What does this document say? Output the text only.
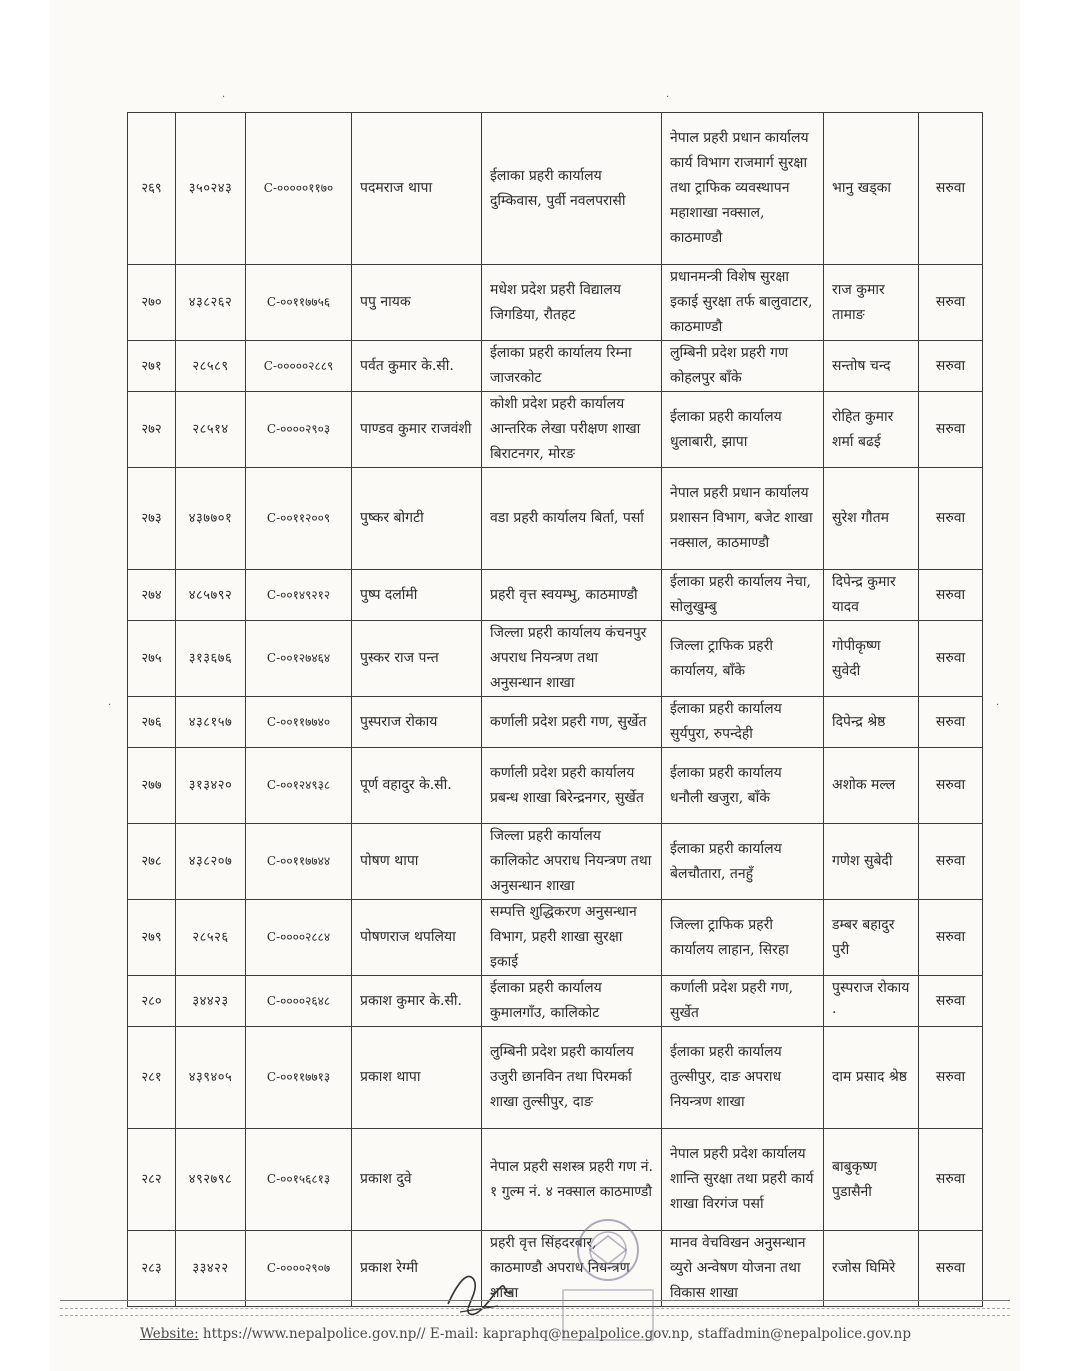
·	·
·	·
२६९	३५०२४३	C-०००००११७०	पदमराज थापा	ईलाका प्रहरी कार्यालय दुम्किवास, पुर्वी नवलपरासी	नेपाल प्रहरी प्रधान कार्यालय कार्य विभाग राजमार्ग सुरक्षा तथा ट्राफिक व्यवस्थापन महाशाखा नक्साल, काठमाण्डौ	भानु खड्का	सरुवा
२७०	४३८२६२	C-००११७७५६	पपु नायक	मधेश प्रदेश प्रहरी विद्यालय जिगडिया, रौतहट	प्रधानमन्त्री विशेष सुरक्षा इकाई सुरक्षा तर्फ बालुवाटार, काठमाण्डौ	राज कुमार तामाङ	सरुवा
२७१	२८५८९	C-०००००२८८९	पर्वत कुमार के.सी.	ईलाका प्रहरी कार्यालय रिम्ना जाजरकोट	लुम्बिनी प्रदेश प्रहरी गण कोहलपुर बाँके	सन्तोष चन्द	सरुवा
२७२	२८५१४	C-००००२९०३	पाण्डव कुमार राजवंशी	कोशी प्रदेश प्रहरी कार्यालय आन्तरिक लेखा परीक्षण शाखा बिराटनगर, मोरङ	ईलाका प्रहरी कार्यालय धुलाबारी, झापा	रोहित कुमार शर्मा बढई	सरुवा
२७३	४३७७०१	C-००११२००९	पुष्कर बोगटी	वडा प्रहरी कार्यालय बिर्ता, पर्सा	नेपाल प्रहरी प्रधान कार्यालय प्रशासन विभाग, बजेट शाखा नक्साल, काठमाण्डौ	सुरेश गौतम	सरुवा
२७४	४८५७९२	C-००१४९२१२	पुष्प दर्लामी	प्रहरी वृत्त स्वयम्भु, काठमाण्डौ	ईलाका प्रहरी कार्यालय नेचा, सोलुखुम्बु	दिपेन्द्र कुमार यादव	सरुवा
२७५	३१३६७६	C-००१२७४६४	पुस्कर राज पन्त	जिल्ला प्रहरी कार्यालय कंचनपुर अपराध नियन्त्रण तथा अनुसन्धान शाखा	जिल्ला ट्राफिक प्रहरी कार्यालय, बाँके	गोपीकृष्ण सुवेदी	सरुवा
२७६	४३८१५७	C-००११७७४०	पुस्पराज रोकाय	कर्णाली प्रदेश प्रहरी गण, सुर्खेत	ईलाका प्रहरी कार्यालय सुर्यपुरा, रुपन्देही	दिपेन्द्र श्रेष्ठ	सरुवा
२७७	३१३४२०	C-००१२४९३८	पूर्ण वहादुर के.सी.	कर्णाली प्रदेश प्रहरी कार्यालय प्रबन्ध शाखा बिरेन्द्रनगर, सुर्खेत	ईलाका प्रहरी कार्यालय धनौली खजुरा, बाँके	अशोक मल्ल	सरुवा
२७८	४३८२०७	C-००११७७४४	पोषण थापा	जिल्ला प्रहरी कार्यालय कालिकोट अपराध नियन्त्रण तथा अनुसन्धान शाखा	ईलाका प्रहरी कार्यालय बेलचौतारा, तनहुँ	गणेश सुबेदी	सरुवा
२७९	२८५२६	C-००००२८८४	पोषणराज थपलिया	सम्पत्ति शुद्धिकरण अनुसन्धान विभाग, प्रहरी शाखा सुरक्षा इकाई	जिल्ला ट्राफिक प्रहरी कार्यालय लाहान, सिरहा	डम्बर बहादुर पुरी	सरुवा
२८०	३४४२३	C-००००२६४८	प्रकाश कुमार के.सी.	ईलाका प्रहरी कार्यालय कुमालगाँउ, कालिकोट	कर्णाली प्रदेश प्रहरी गण, सुर्खेत	पुस्पराज रोकाय ·	सरुवा
२८१	४३९४०५	C-००११७७१३	प्रकाश थापा	लुम्बिनी प्रदेश प्रहरी कार्यालय उजुरी छानविन तथा पिरमर्का शाखा तुल्सीपुर, दाङ	ईलाका प्रहरी कार्यालय तुल्सीपुर, दाङ अपराध नियन्त्रण शाखा	दाम प्रसाद श्रेष्ठ	सरुवा
२८२	४९२७९८	C-००१५६८१३	प्रकाश दुवे	नेपाल प्रहरी सशस्त्र प्रहरी गण नं. १ गुल्म नं. ४ नक्साल काठमाण्डौ	नेपाल प्रहरी प्रदेश कार्यालय शान्ति सुरक्षा तथा प्रहरी कार्य शाखा विरगंज पर्सा	बाबुकृष्ण पुडासैनी	सरुवा
२८३	३३४२२	C-००००२९०७	प्रकाश रेग्मी	प्रहरी वृत्त सिंहदरबार, काठमाण्डौ अपराध नियन्त्रण शाखा	मानव वेचविखन अनुसन्धान व्युरो अन्वेषण योजना तथा विकास शाखा	रजोस घिमिरे	सरुवा
Website: https://www.nepalpolice.gov.np// E-mail: kapraphq@nepalpolice.gov.np, staffadmin@nepalpolice.gov.np
